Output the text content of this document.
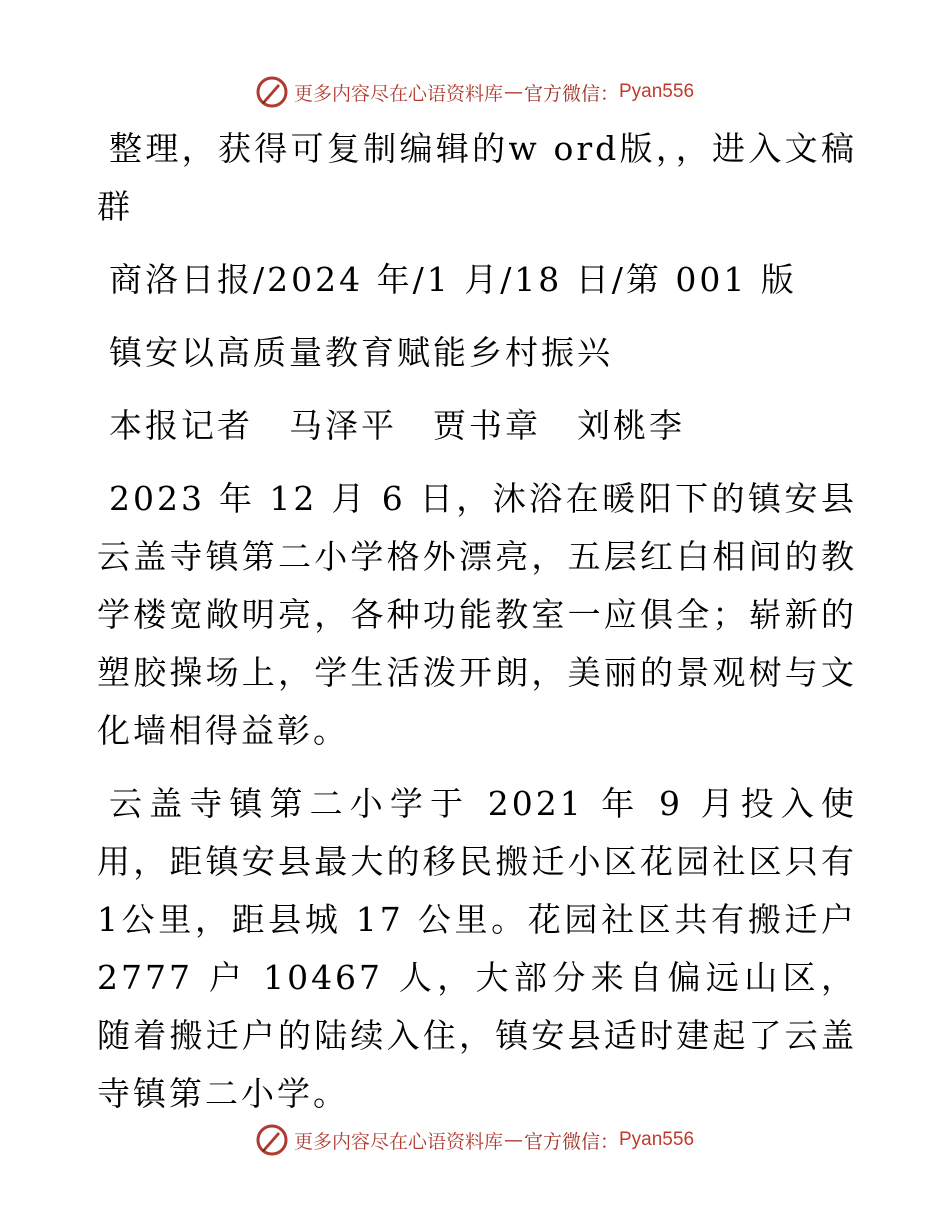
更多内容尽在心语资料库 — 官方微信： Pyan556

整理，获得可复制编辑的w ord版，，进入文稿群

商洛日报/2024 年/1 月/18 日/第 001 版

镇安以高质量教育赋能乡村振兴

本报记者　马泽平　贾书章　刘桃李

2023 年 12 月 6 日，沐浴在暖阳下的镇安县云盖寺镇第二小学格外漂亮，五层红白相间的教学楼宽敞明亮，各种功能教室一应俱全；崭新的塑胶操场上，学生活泼开朗，美丽的景观树与文化墙相得益彰。

云盖寺镇第二小学于 2021 年 9 月投入使用，距镇安县最大的移民搬迁小区花园社区只有 1公里，距县城 17 公里。花园社区共有搬迁户 2777 户 10467 人，大部分来自偏远山区，随着搬迁户的陆续入住，镇安县适时建起了云盖寺镇第二小学。

更多内容尽在心语资料库 — 官方微信： Pyan556
